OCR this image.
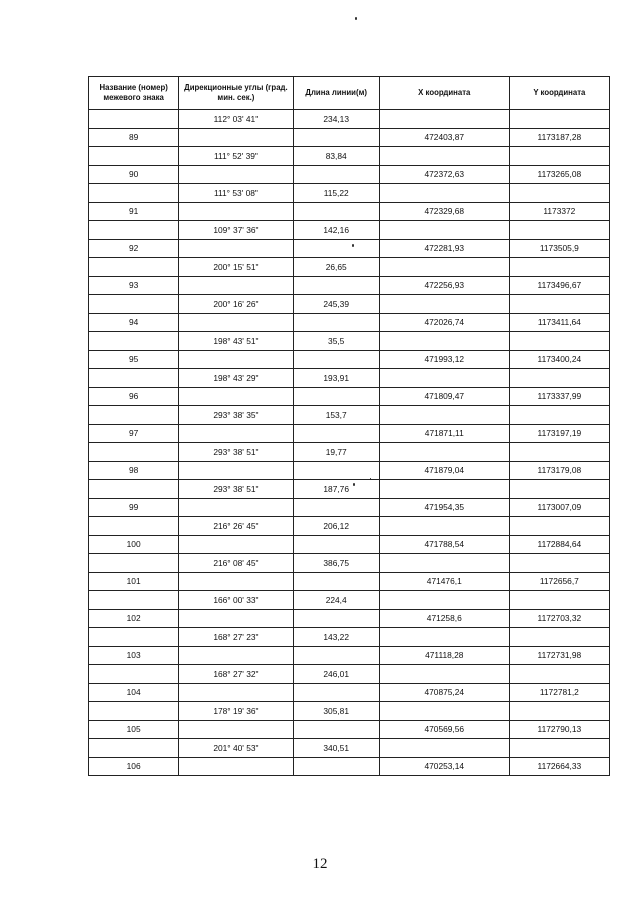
Название (номер) межевого знака	Дирекционные углы (град. мин. сек.)	Длина линии(м)	X координата	Y координата
	112° 03' 41"	234,13		
89			472403,87	1173187,28
	111° 52' 39"	83,84		
90			472372,63	1173265,08
	111° 53' 08"	115,22		
91			472329,68	1173372
	109° 37' 36"	142,16		
92			472281,93	1173505,9
	200° 15' 51"	26,65		
93			472256,93	1173496,67
	200° 16' 26"	245,39		
94			472026,74	1173411,64
	198° 43' 51"	35,5		
95			471993,12	1173400,24
	198° 43' 29"	193,91		
96			471809,47	1173337,99
	293° 38' 35"	153,7		
97			471871,11	1173197,19
	293° 38' 51"	19,77		
98			471879,04	1173179,08
	293° 38' 51"	187,76		
99			471954,35	1173007,09
	216° 26' 45"	206,12		
100			471788,54	1172884,64
	216° 08' 45"	386,75		
101			471476,1	1172656,7
	166° 00' 33"	224,4		
102			471258,6	1172703,32
	168° 27' 23"	143,22		
103			471118,28	1172731,98
	168° 27' 32"	246,01		
104			470875,24	1172781,2
	178° 19' 36"	305,81		
105			470569,56	1172790,13
	201° 40' 53"	340,51		
106			470253,14	1172664,33
12
